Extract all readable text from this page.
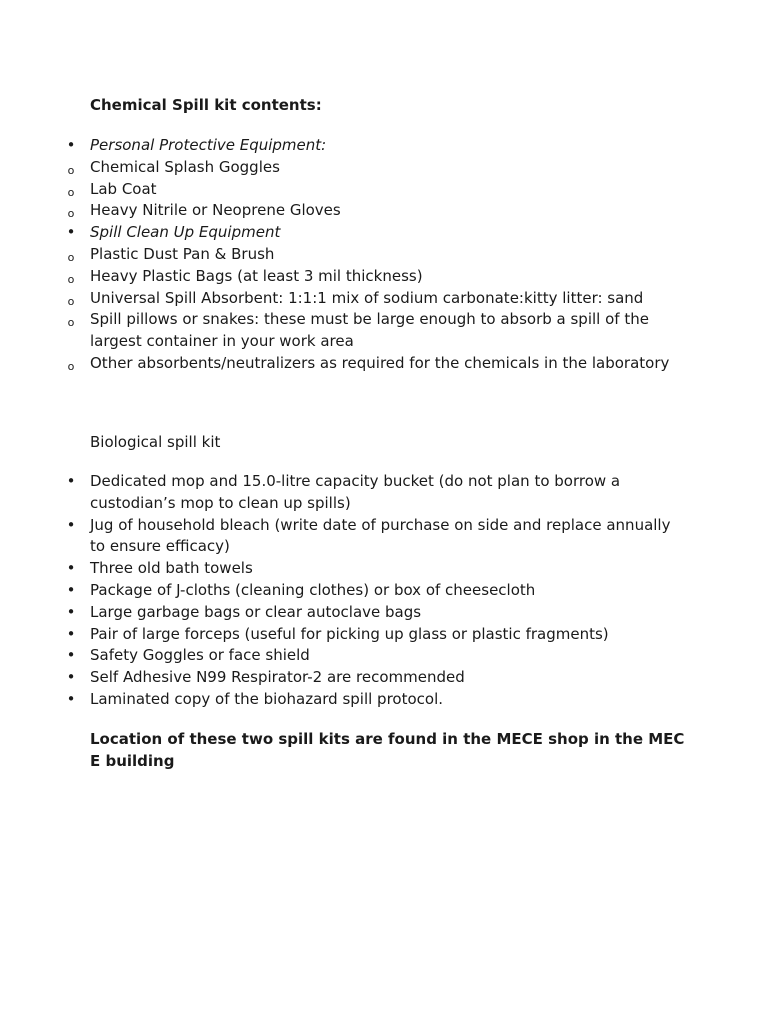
Chemical Spill kit contents:
• Personal Protective Equipment:
o Chemical Splash Goggles
o Lab Coat
o Heavy Nitrile or Neoprene Gloves
• Spill Clean Up Equipment
o Plastic Dust Pan & Brush
o Heavy Plastic Bags (at least 3 mil thickness)
o Universal Spill Absorbent: 1:1:1 mix of sodium carbonate:kitty litter: sand
o Spill pillows or snakes: these must be large enough to absorb a spill of the largest container in your work area
o Other absorbents/neutralizers as required for the chemicals in the laboratory
Biological spill kit
• Dedicated mop and 15.0-litre capacity bucket (do not plan to borrow a custodian’s mop to clean up spills)
• Jug of household bleach (write date of purchase on side and replace annually to ensure efficacy)
• Three old bath towels
• Package of J-cloths (cleaning clothes) or box of cheesecloth
• Large garbage bags or clear autoclave bags
• Pair of large forceps (useful for picking up glass or plastic fragments)
• Safety Goggles or face shield
• Self Adhesive N99 Respirator-2 are recommended
• Laminated copy of the biohazard spill protocol.

Location of these two spill kits are found in the MECE shop in the MEC E building
